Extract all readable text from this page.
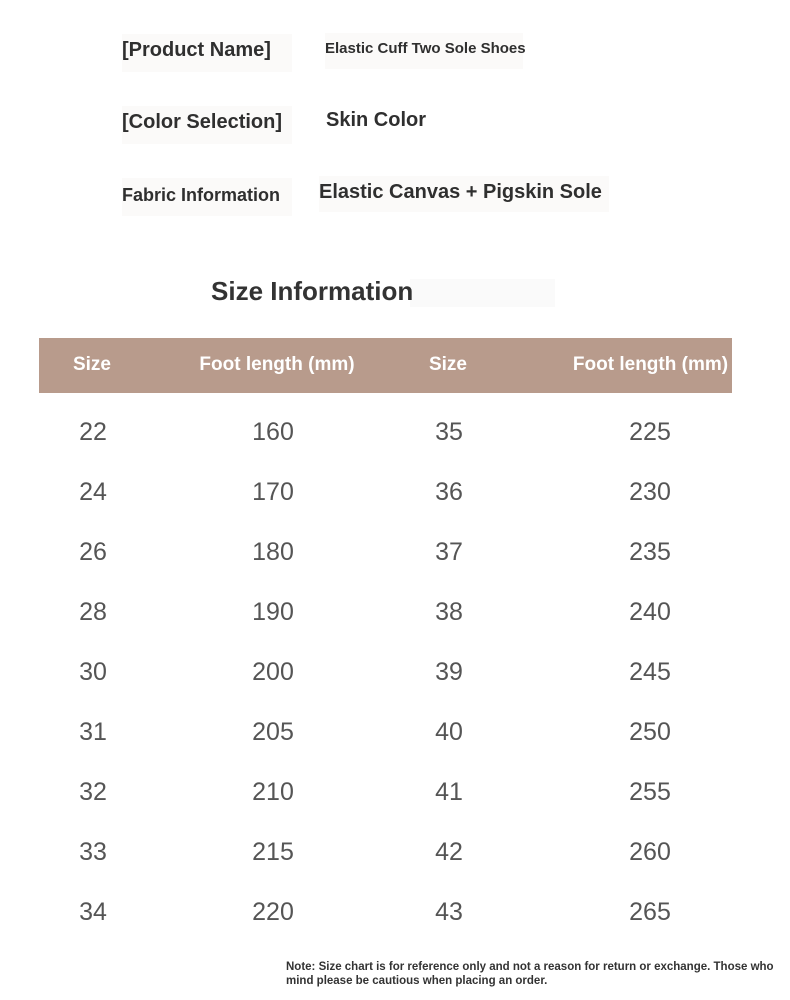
[Product Name]	Elastic Cuff Two Sole Shoes
[Color Selection]	Skin Color
Fabric Information	Elastic Canvas + Pigskin Sole
Size Information
Size	Foot length (mm)	Size	Foot length (mm)
22	160	35	225
24	170	36	230
26	180	37	235
28	190	38	240
30	200	39	245
31	205	40	250
32	210	41	255
33	215	42	260
34	220	43	265
Note: Size chart is for reference only and not a reason for return or exchange. Those who mind please be cautious when placing an order.
